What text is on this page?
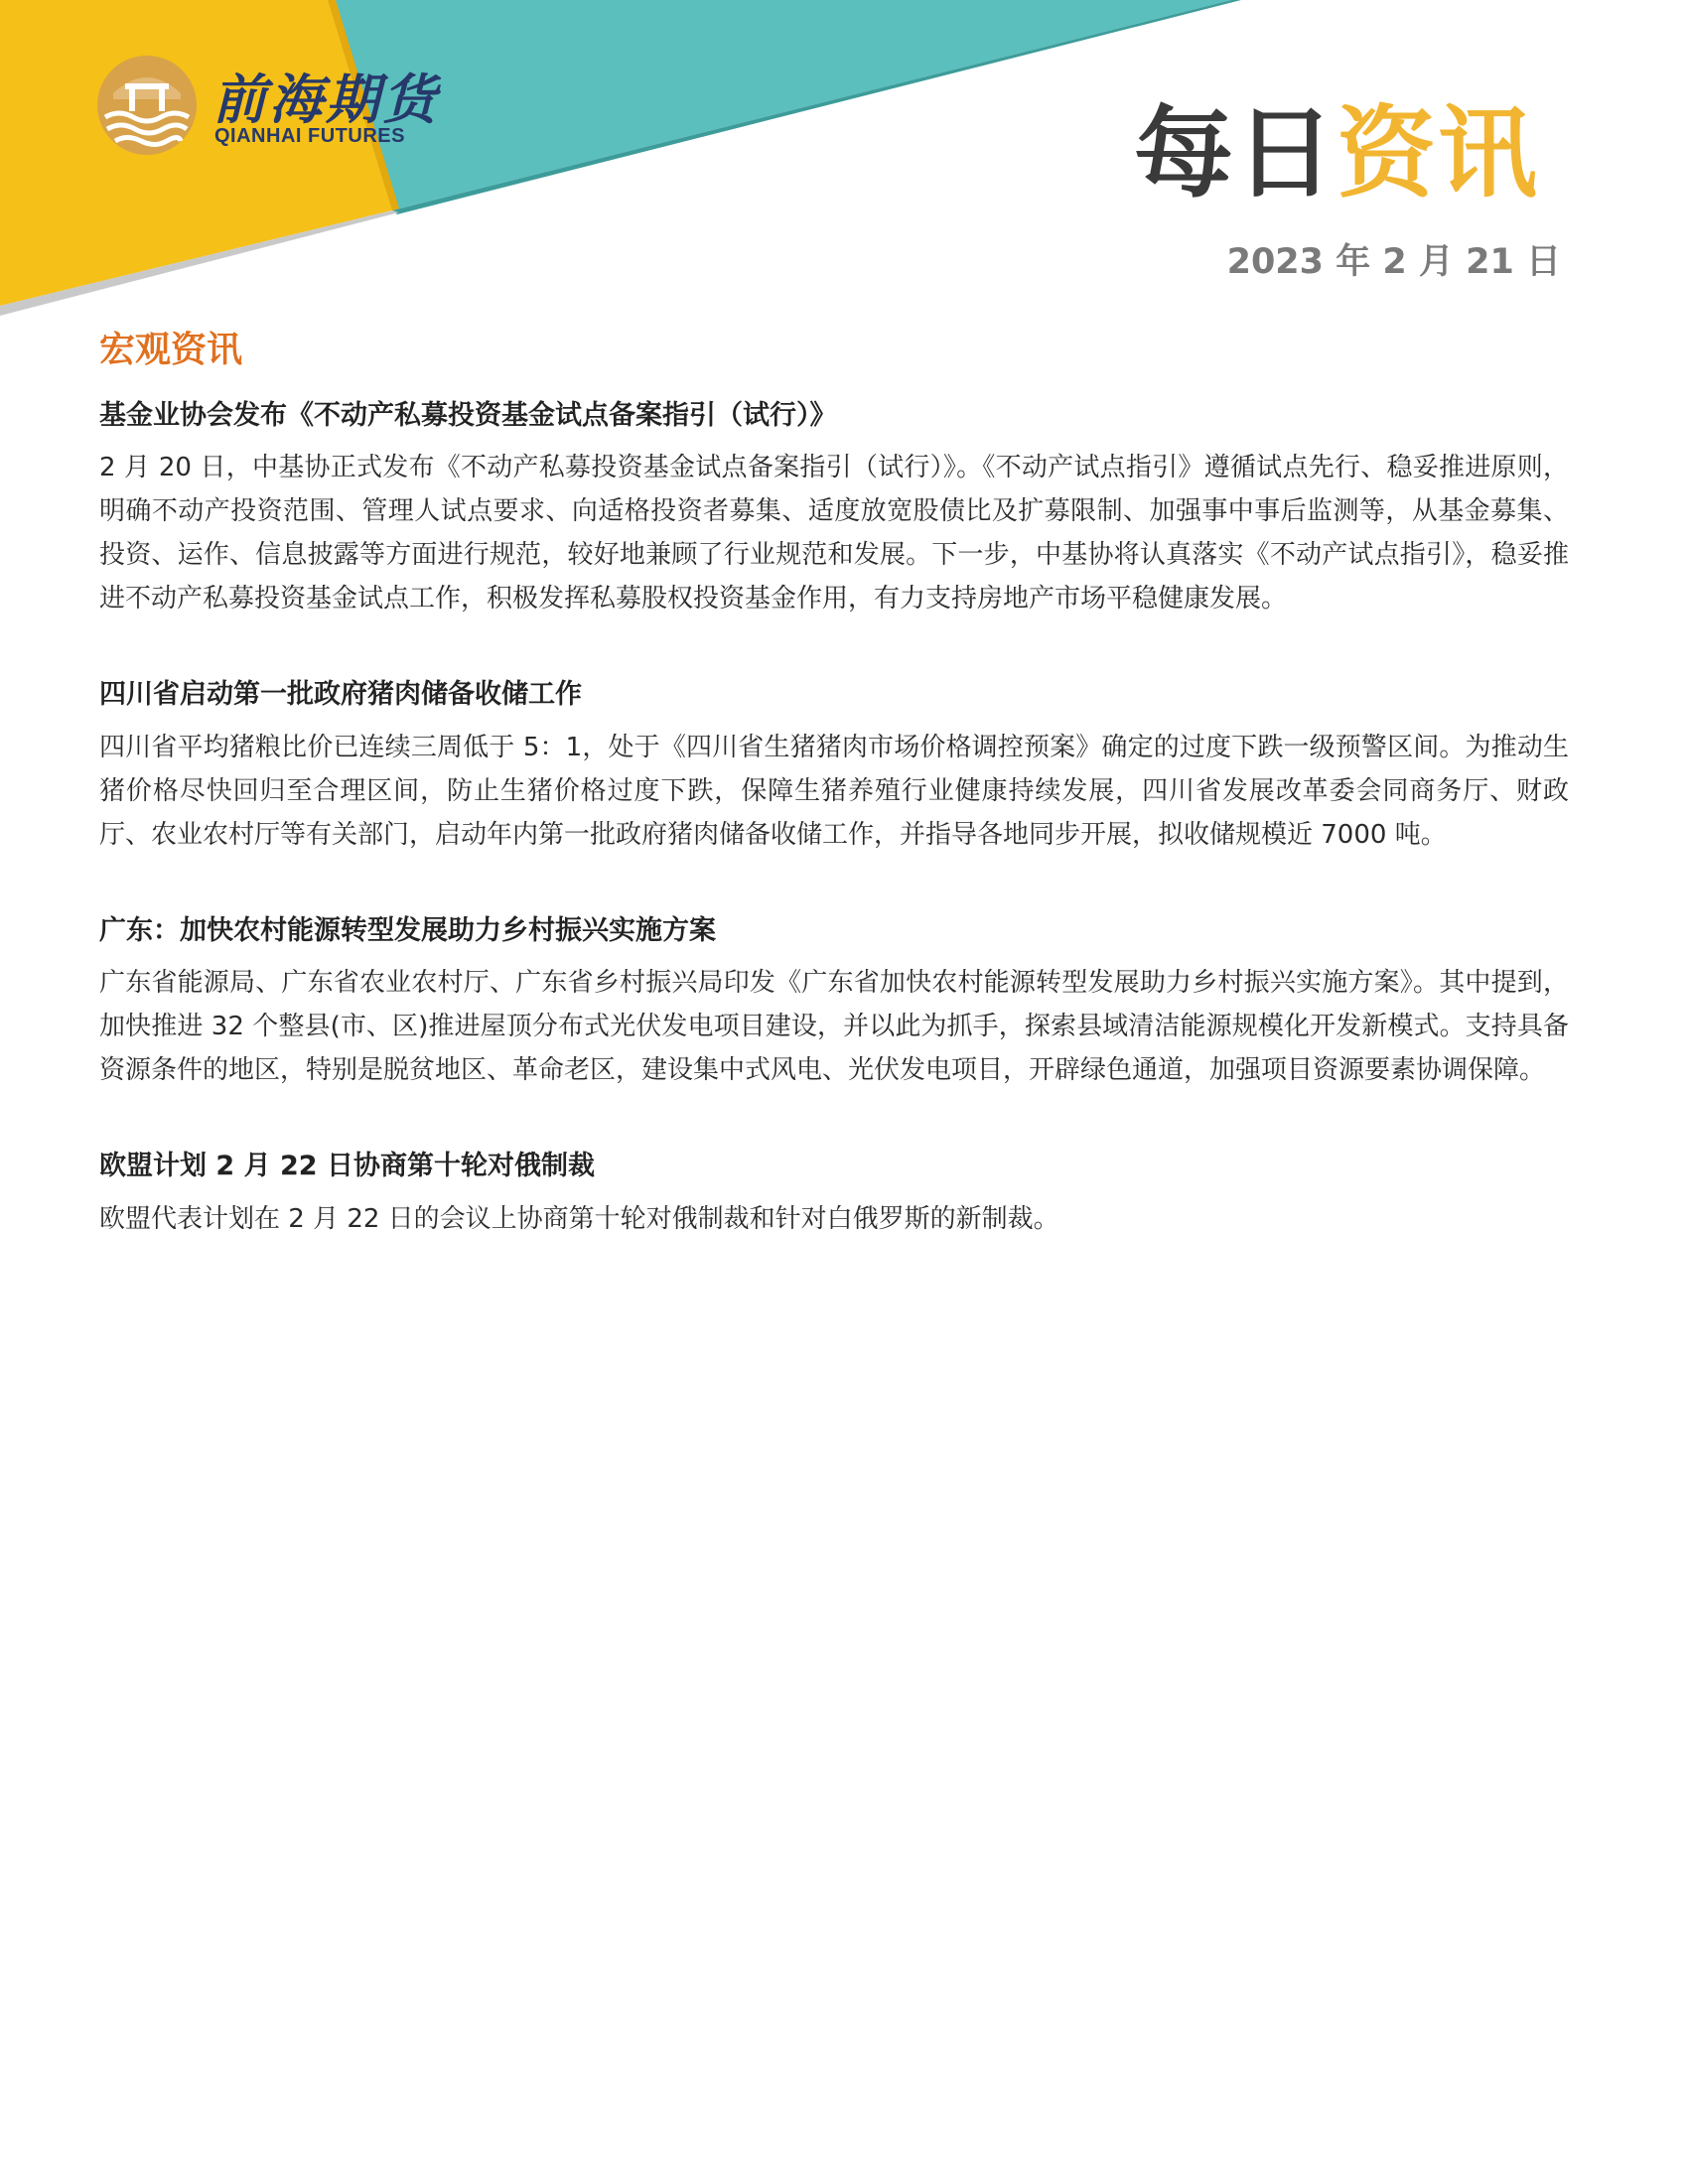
前海期货
QIANHAI FUTURES	每日资讯
2023 年 2 月 21 日
宏观资讯
基金业协会发布《不动产私募投资基金试点备案指引（试行）》

2 月 20 日，中基协正式发布《不动产私募投资基金试点备案指引（试行）》。《不动产试点指引》遵循试点先行、稳妥推进原则，明确不动产投资范围、管理人试点要求、向适格投资者募集、适度放宽股债比及扩募限制、加强事中事后监测等，从基金募集、投资、运作、信息披露等方面进行规范，较好地兼顾了行业规范和发展。下一步，中基协将认真落实《不动产试点指引》，稳妥推进不动产私募投资基金试点工作，积极发挥私募股权投资基金作用，有力支持房地产市场平稳健康发展。

四川省启动第一批政府猪肉储备收储工作

四川省平均猪粮比价已连续三周低于 5：1，处于《四川省生猪猪肉市场价格调控预案》确定的过度下跌一级预警区间。为推动生猪价格尽快回归至合理区间，防止生猪价格过度下跌，保障生猪养殖行业健康持续发展，四川省发展改革委会同商务厅、财政厅、农业农村厅等有关部门，启动年内第一批政府猪肉储备收储工作，并指导各地同步开展，拟收储规模近 7000 吨。

广东：加快农村能源转型发展助力乡村振兴实施方案

广东省能源局、广东省农业农村厅、广东省乡村振兴局印发《广东省加快农村能源转型发展助力乡村振兴实施方案》。其中提到，加快推进 32 个整县(市、区)推进屋顶分布式光伏发电项目建设，并以此为抓手，探索县域清洁能源规模化开发新模式。支持具备资源条件的地区，特别是脱贫地区、革命老区，建设集中式风电、光伏发电项目，开辟绿色通道，加强项目资源要素协调保障。

欧盟计划 2 月 22 日协商第十轮对俄制裁

欧盟代表计划在 2 月 22 日的会议上协商第十轮对俄制裁和针对白俄罗斯的新制裁。
